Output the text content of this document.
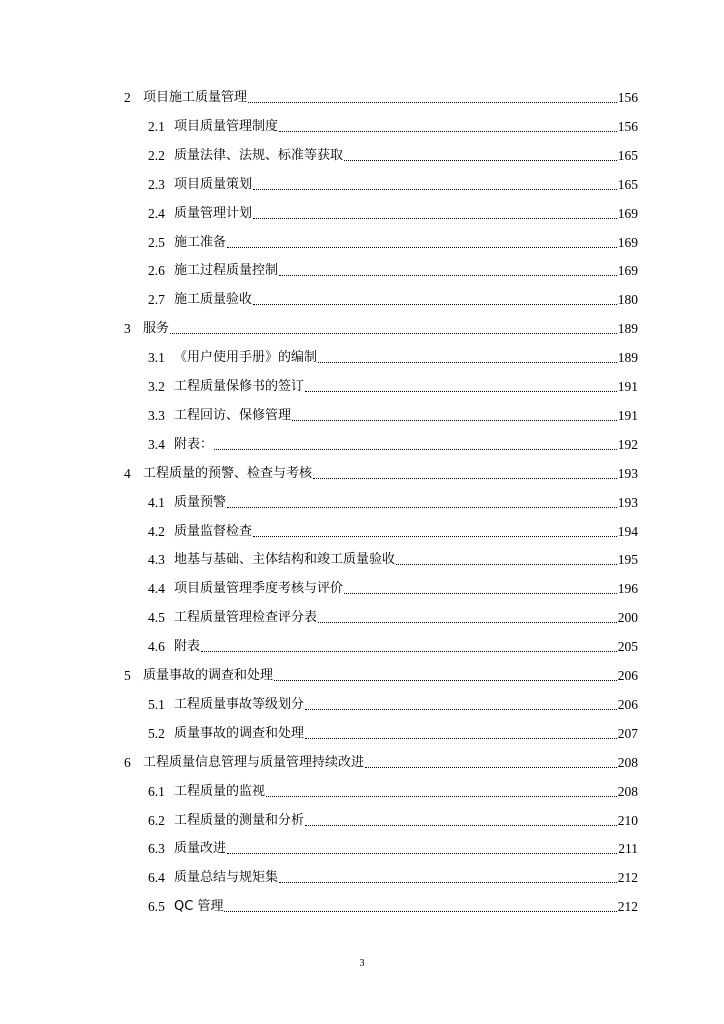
2 项目施工质量管理	156
2.1 项目质量管理制度	156
2.2 质量法律、法规、标准等获取	165
2.3 项目质量策划	165
2.4 质量管理计划	169
2.5 施工准备	169
2.6 施工过程质量控制	169
2.7 施工质量验收	180
3 服务	189
3.1 《用户使用手册》的编制	189
3.2 工程质量保修书的签订	191
3.3 工程回访、保修管理	191
3.4 附表：	192
4 工程质量的预警、检查与考核	193
4.1 质量预警	193
4.2 质量监督检查	194
4.3 地基与基础、主体结构和竣工质量验收	195
4.4 项目质量管理季度考核与评价	196
4.5 工程质量管理检查评分表	200
4.6 附表	205
5 质量事故的调查和处理	206
5.1 工程质量事故等级划分	206
5.2 质量事故的调查和处理	207
6 工程质量信息管理与质量管理持续改进	208
6.1 工程质量的监视	208
6.2 工程质量的测量和分析	210
6.3 质量改进	211
6.4 质量总结与规矩集	212
6.5 QC 管理	212
3
